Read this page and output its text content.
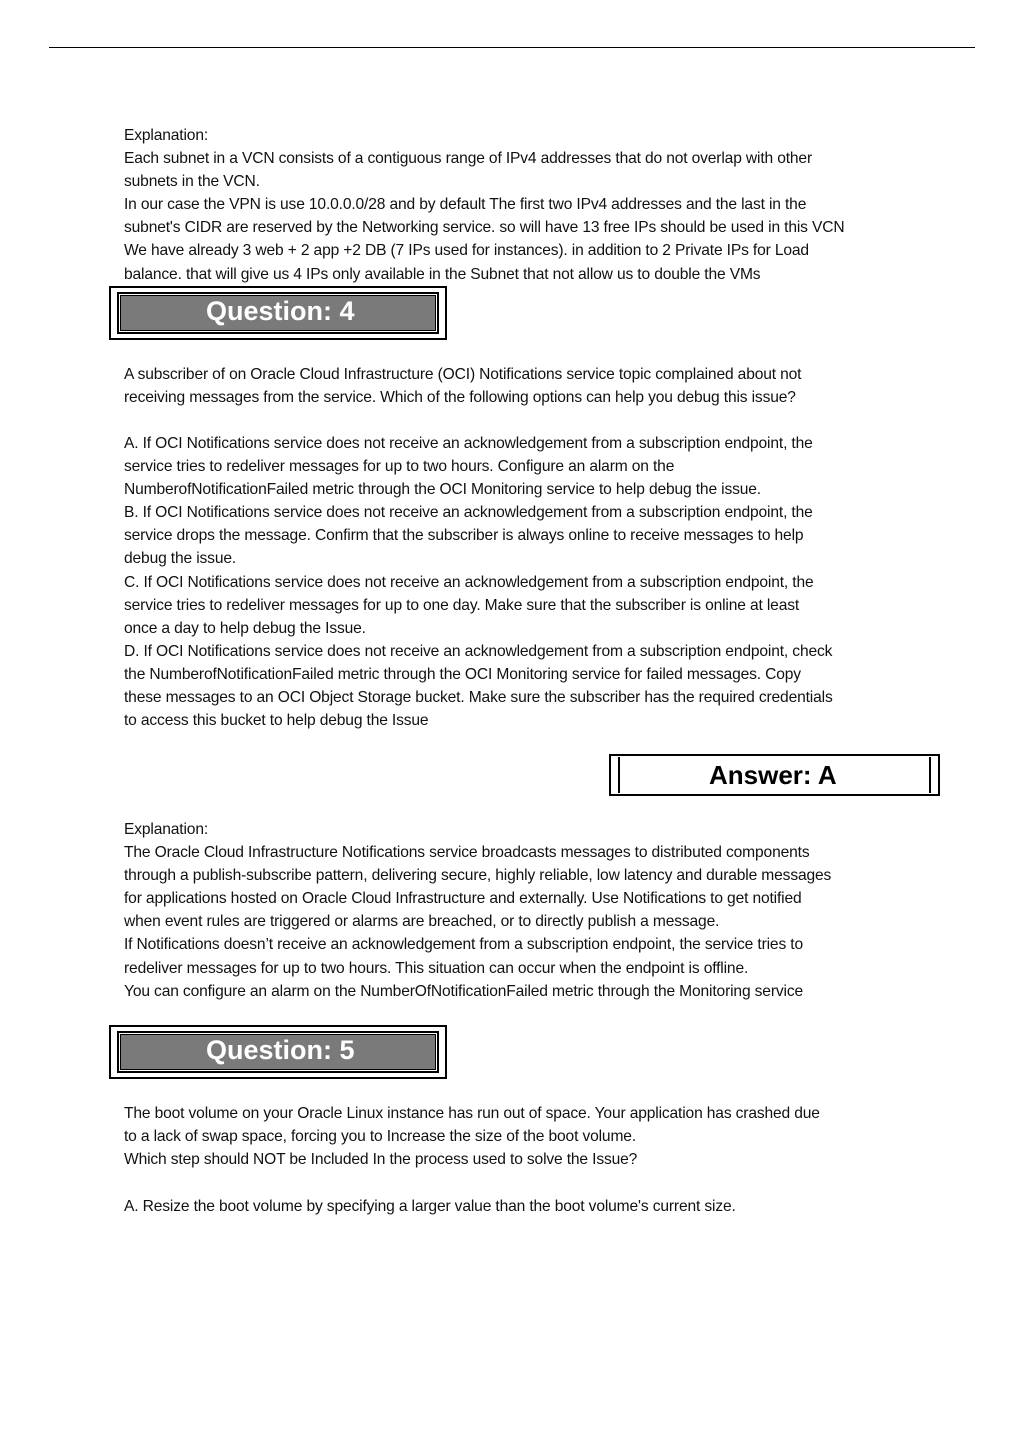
Explanation:

Each subnet in a VCN consists of a contiguous range of IPv4 addresses that do not overlap with other

subnets in the VCN.

In our case the VPN is use 10.0.0.0/28 and by default The first two IPv4 addresses and the last in the

subnet's CIDR are reserved by the Networking service. so will have 13 free IPs should be used in this VCN

We have already 3 web + 2 app +2 DB (7 IPs used for instances). in addition to 2 Private IPs for Load

balance. that will give us 4 IPs only available in the Subnet that not allow us to double the VMs

Question: 4

A subscriber of on Oracle Cloud Infrastructure (OCI) Notifications service topic complained about not

receiving messages from the service. Which of the following options can help you debug this issue?

A. If OCI Notifications service does not receive an acknowledgement from a subscription endpoint, the

service tries to redeliver messages for up to two hours. Configure an alarm on the

NumberofNotificationFailed metric through the OCI Monitoring service to help debug the issue.

B. If OCI Notifications service does not receive an acknowledgement from a subscription endpoint, the

service drops the message. Confirm that the subscriber is always online to receive messages to help

debug the issue.

C. If OCI Notifications service does not receive an acknowledgement from a subscription endpoint, the

service tries to redeliver messages for up to one day. Make sure that the subscriber is online at least

once a day to help debug the Issue.

D. If OCI Notifications service does not receive an acknowledgement from a subscription endpoint, check

the NumberofNotificationFailed metric through the OCI Monitoring service for failed messages. Copy

these messages to an OCI Object Storage bucket. Make sure the subscriber has the required credentials

to access this bucket to help debug the Issue

Answer: A

Explanation:

The Oracle Cloud Infrastructure Notifications service broadcasts messages to distributed components

through a publish-subscribe pattern, delivering secure, highly reliable, low latency and durable messages

for applications hosted on Oracle Cloud Infrastructure and externally. Use Notifications to get notified

when event rules are triggered or alarms are breached, or to directly publish a message.

If Notifications doesn’t receive an acknowledgement from a subscription endpoint, the service tries to

redeliver messages for up to two hours. This situation can occur when the endpoint is offline.

You can configure an alarm on the NumberOfNotificationFailed metric through the Monitoring service

Question: 5

The boot volume on your Oracle Linux instance has run out of space. Your application has crashed due

to a lack of swap space, forcing you to Increase the size of the boot volume.

Which step should NOT be Included In the process used to solve the Issue?

A. Resize the boot volume by specifying a larger value than the boot volume's current size.
